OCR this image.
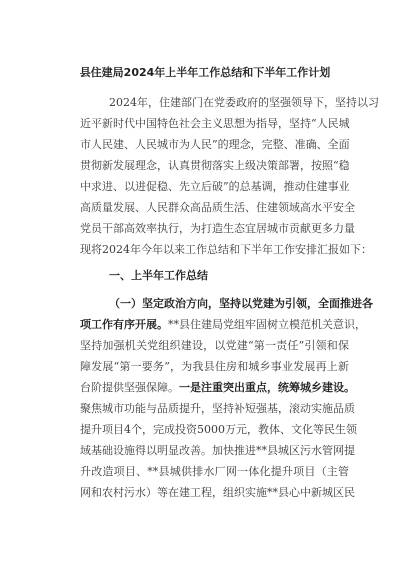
县住建局2024年上半年工作总结和下半年工作计划
2024年，住建部门在党委政府的坚强领导下，坚持以习
近平新时代中国特色社会主义思想为指导，坚持“人民城
市人民建、人民城市为人民”的理念，完整、准确、全面
贯彻新发展理念，认真贯彻落实上级决策部署，按照“稳
中求进、以进促稳、先立后破”的总基调，推动住建事业
高质量发展、人民群众高品质生活、住建领域高水平安全
党员干部高效率执行，为打造生态宜居城市贡献更多力量
现将2024年今年以来工作总结和下半年工作安排汇报如下：
一、上半年工作总结
（一）坚定政治方向，坚持以党建为引领，全面推进各
项工作有序开展。**县住建局党组牢固树立模范机关意识，
坚持加强机关党组织建设，以党建“第一责任”引领和保
障发展“第一要务”，为我县住房和城乡事业发展再上新
台阶提供坚强保障。一是注重突出重点，统筹城乡建设。
聚焦城市功能与品质提升，坚持补短强基，滚动实施品质
提升项目4个，完成投资5000万元，教体、文化等民生领
域基础设施得以明显改善。加快推进**县城区污水管网提
升改造项目、**县城供排水厂网一体化提升项目（主管
网和农村污水）等在建工程，组织实施**县心中新城区民
